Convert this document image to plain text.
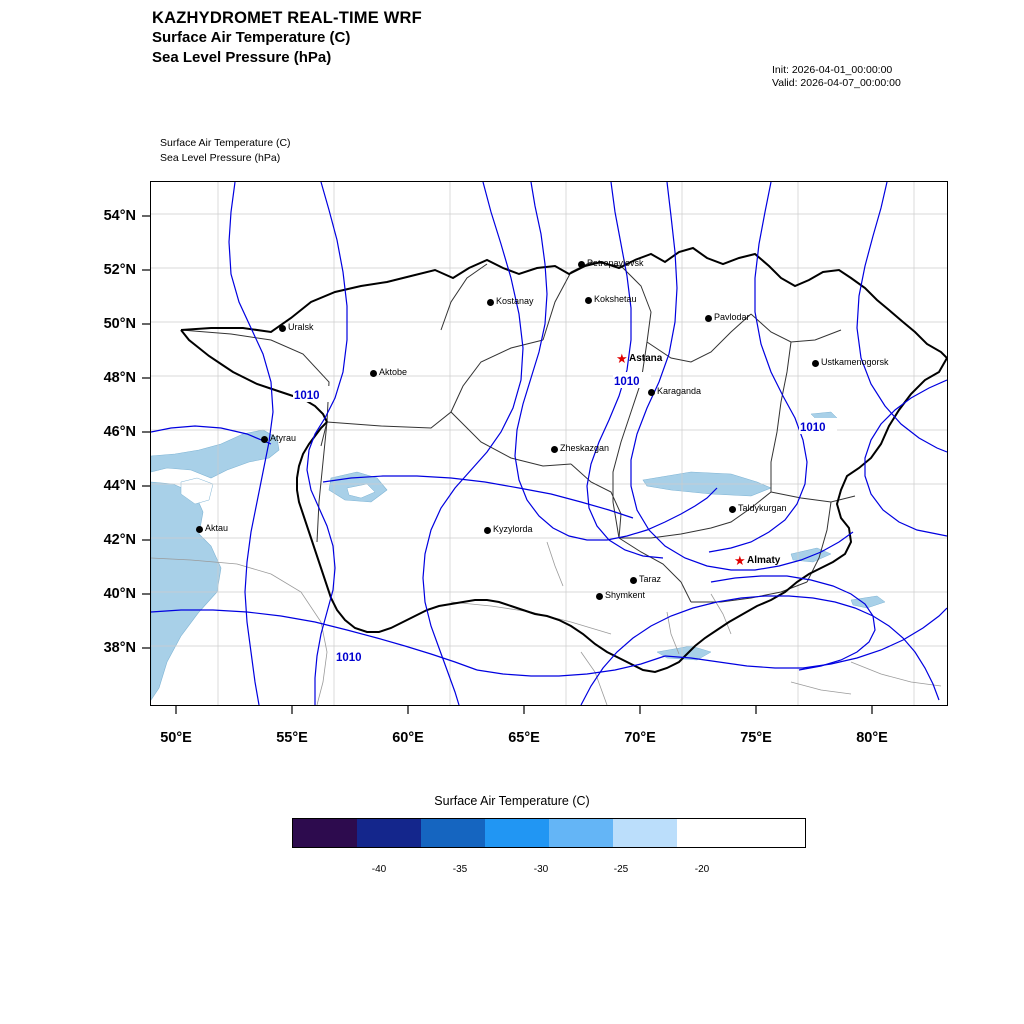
KAZHYDROMET REAL-TIME WRF
Surface Air Temperature (C)
Sea Level Pressure (hPa)
Init: 2026-04-01_00:00:00
Valid: 2026-04-07_00:00:00
Surface Air Temperature (C)
Sea Level Pressure (hPa)
1010
1010
1010
1010
Petropavlovsk
Kostanay	Kokshetau
Pavlodar
Uralsk
Ustkamenogorsk
Aktobe
Karaganda
Atyrau
Zheskazgan
Taldykurgan
Aktau	Kyzylorda
Taraz
Shymkent
★ Astana
★ Almaty
54°N
52°N
50°N
48°N
46°N
44°N
42°N
40°N
38°N
50°E	55°E	60°E	65°E	70°E	75°E	80°E
Surface Air Temperature (C)
-40	-35	-30	-25	-20
